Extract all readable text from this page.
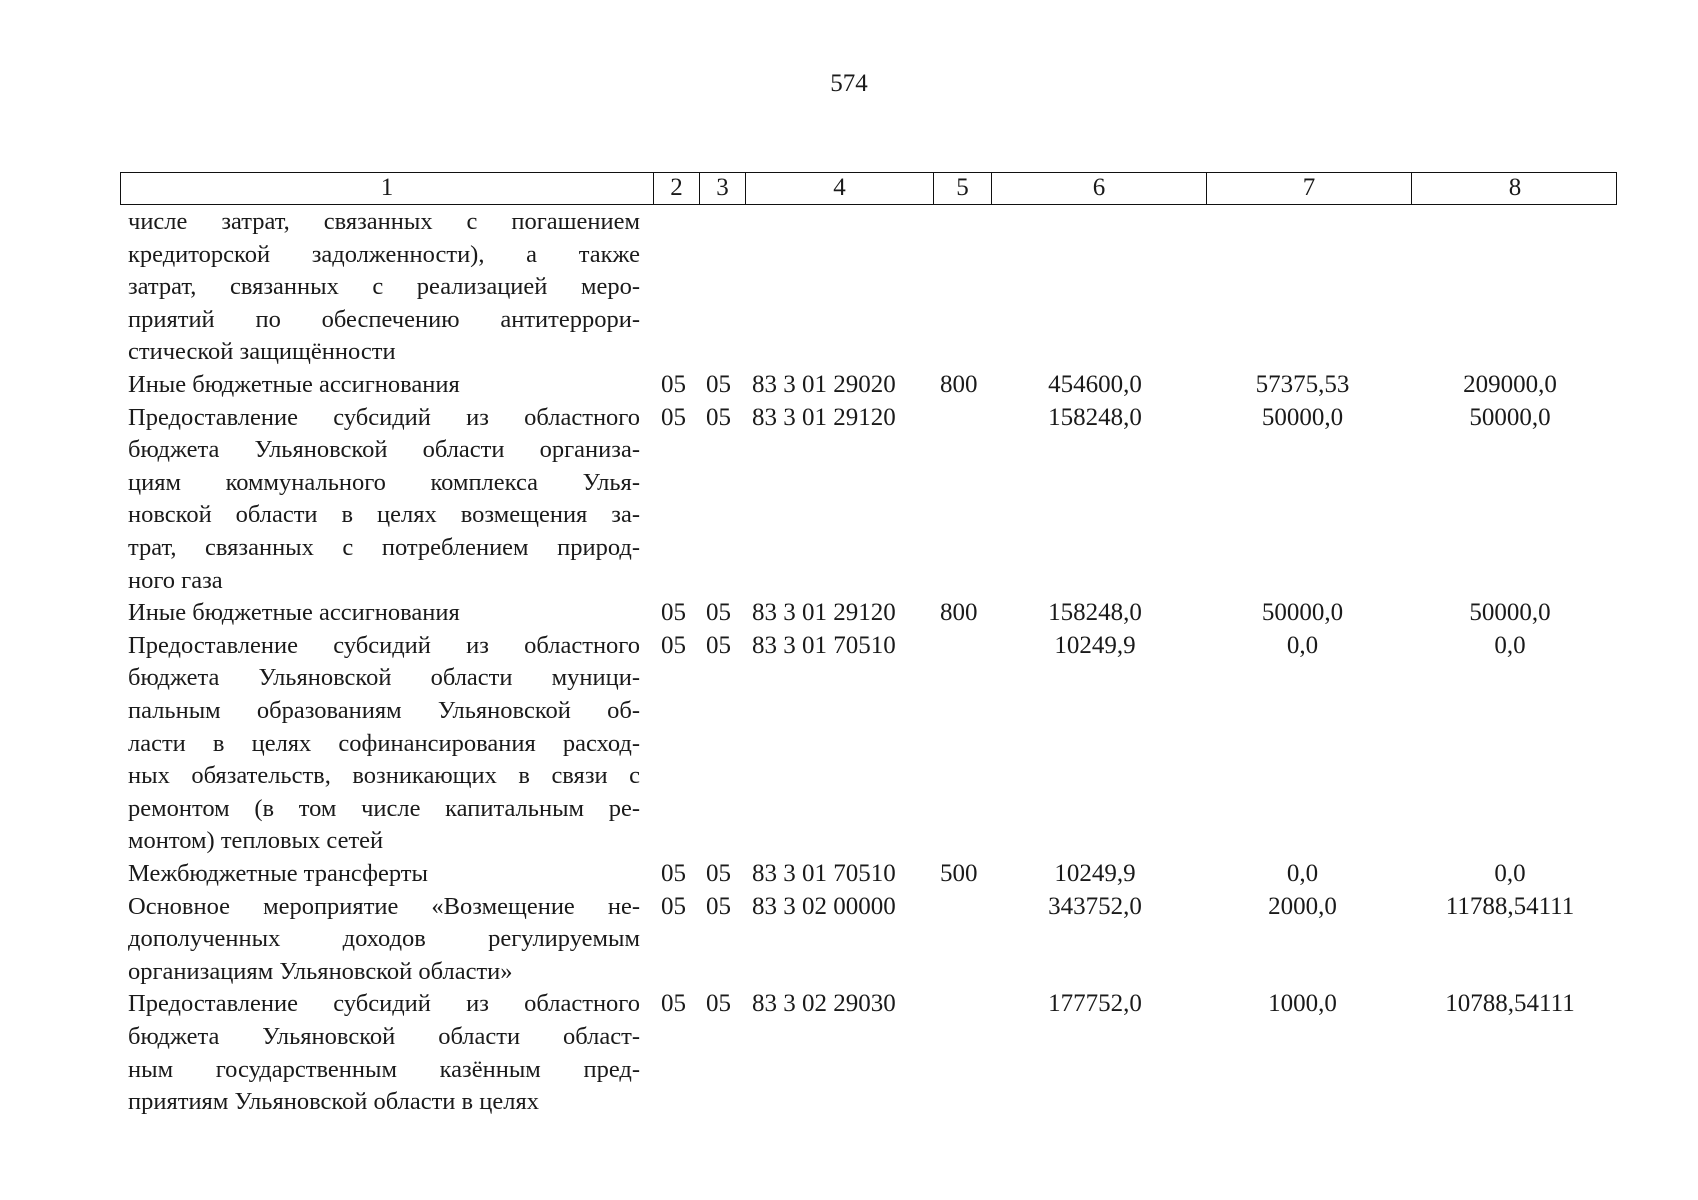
574
1	2	3	4	5	6	7	8
числе затрат, связанных с погашением
кредиторской задолженности), а также
затрат, связанных с реализацией меро-
приятий по обеспечению антитеррори-
стической защищённости
Иные бюджетные ассигнования	05 05 83 3 01 29020 800	454600,0	57375,53	209000,0
Предоставление субсидий из областного
бюджета Ульяновской области организа-
циям коммунального комплекса Улья-
новской области в целях возмещения за-
трат, связанных с потреблением природ-
ного газа
05 05 83 3 01 29120	158248,0	50000,0	50000,0
Иные бюджетные ассигнования	05 05 83 3 01 29120 800	158248,0	50000,0	50000,0
Предоставление субсидий из областного
бюджета Ульяновской области муници-
пальным образованиям Ульяновской об-
ласти в целях софинансирования расход-
ных обязательств, возникающих в связи с
ремонтом (в том числе капитальным ре-
монтом) тепловых сетей
05 05 83 3 01 70510	10249,9	0,0	0,0
Межбюджетные трансферты	05 05 83 3 01 70510 500	10249,9	0,0	0,0
Основное мероприятие «Возмещение не-
дополученных доходов регулируемым
организациям Ульяновской области»
05 05 83 3 02 00000	343752,0	2000,0	11788,54111
Предоставление субсидий из областного
бюджета Ульяновской области област-
ным государственным казённым пред-
приятиям Ульяновской области в целях
05 05 83 3 02 29030	177752,0	1000,0	10788,54111
